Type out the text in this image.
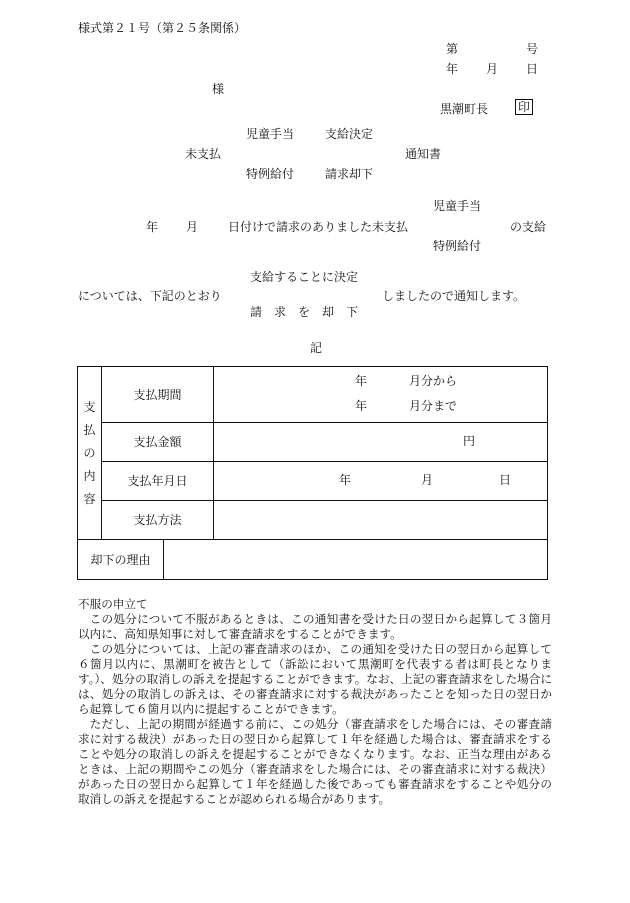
様式第２１号（第２５条関係）
第	号
年 月 日
様
黒潮町長 印
児童手当	支給決定
未支払	通知書
特例給付	請求却下
児童手当
年 月 日付けで請求のありました未支払	の支給
特例給付
支給することに決定
については、下記のとおり	しましたので通知します。
請　求　を　却　下
記
支
払
の
内
容	支払期間		年 月分から
年 月分まで

	支払金額		円

	支払年月日		年 月 日

	支払方法		
却下の理由			

不服の申立て

この処分について不服があるときは、この通知書を受けた日の翌日から起算して３箇月以内に、高知県知事に対して審査請求をすることができます。

この処分については、上記の審査請求のほか、この通知を受けた日の翌日から起算して６箇月以内に、黒潮町を被告として（訴訟において黒潮町を代表する者は町長となります。）、処分の取消しの訴えを提起することができます。なお、上記の審査請求をした場合には、処分の取消しの訴えは、その審査請求に対する裁決があったことを知った日の翌日から起算して６箇月以内に提起することができます。

ただし、上記の期間が経過する前に、この処分（審査請求をした場合には、その審査請求に対する裁決）があった日の翌日から起算して１年を経過した場合は、審査請求をすることや処分の取消しの訴えを提起することができなくなります。なお、正当な理由があるときは、上記の期間やこの処分（審査請求をした場合には、その審査請求に対する裁決）があった日の翌日から起算して１年を経過した後であっても審査請求をすることや処分の取消しの訴えを提起することが認められる場合があります。
